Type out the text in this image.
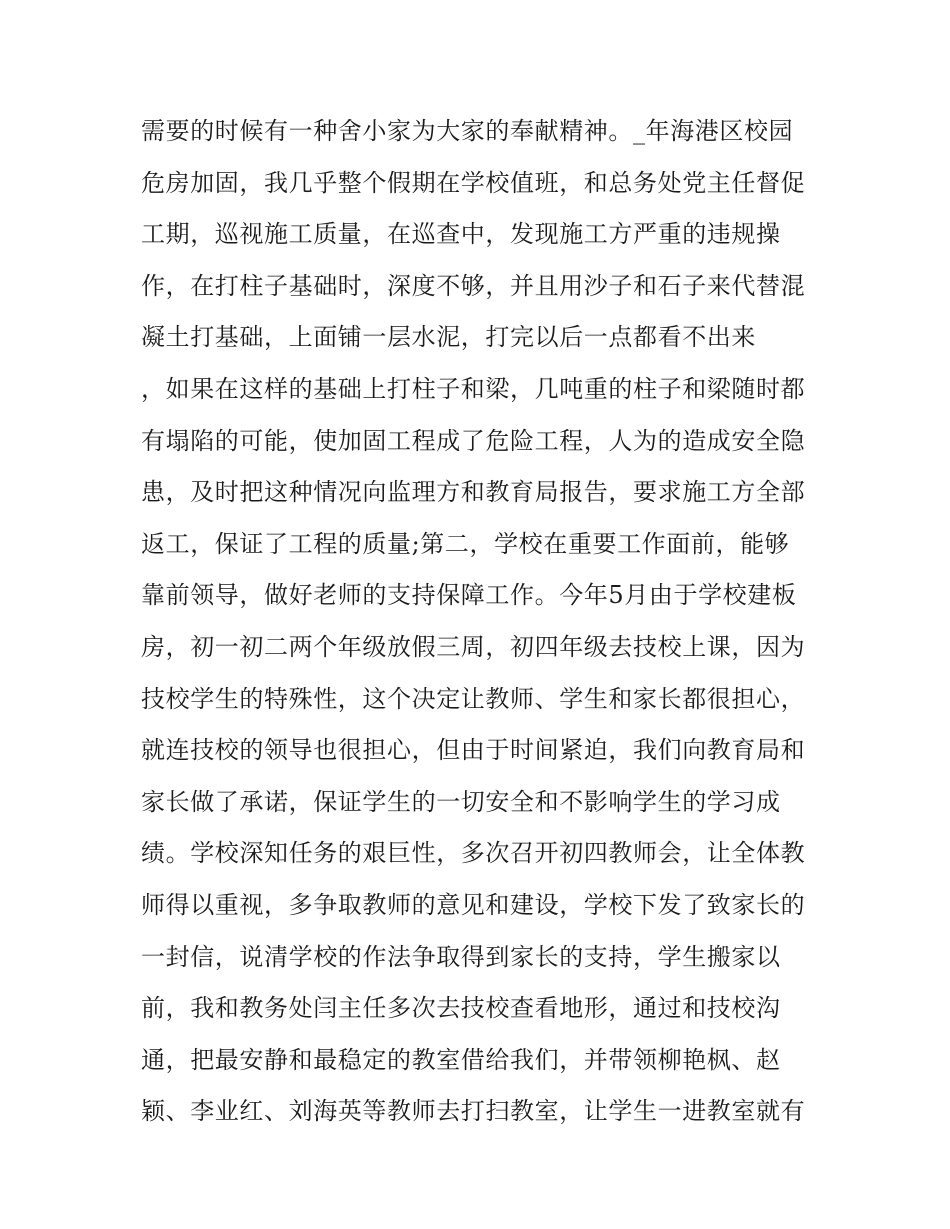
需要的时候有一种舍小家为大家的奉献精神。_年海港区校园
危房加固，我几乎整个假期在学校值班，和总务处党主任督促
工期，巡视施工质量，在巡查中，发现施工方严重的违规操
作，在打柱子基础时，深度不够，并且用沙子和石子来代替混
凝土打基础，上面铺一层水泥，打完以后一点都看不出来
，如果在这样的基础上打柱子和梁，几吨重的柱子和梁随时都
有塌陷的可能，使加固工程成了危险工程，人为的造成安全隐
患，及时把这种情况向监理方和教育局报告，要求施工方全部
返工，保证了工程的质量;第二，学校在重要工作面前，能够
靠前领导，做好老师的支持保障工作。今年5月由于学校建板
房，初一初二两个年级放假三周，初四年级去技校上课，因为
技校学生的特殊性，这个决定让教师、学生和家长都很担心，
就连技校的领导也很担心，但由于时间紧迫，我们向教育局和
家长做了承诺，保证学生的一切安全和不影响学生的学习成
绩。学校深知任务的艰巨性，多次召开初四教师会，让全体教
师得以重视，多争取教师的意见和建设，学校下发了致家长的
一封信，说清学校的作法争取得到家长的支持，学生搬家以
前，我和教务处闫主任多次去技校查看地形，通过和技校沟
通，把最安静和最稳定的教室借给我们，并带领柳艳枫、赵
颖、李业红、刘海英等教师去打扫教室，让学生一进教室就有
